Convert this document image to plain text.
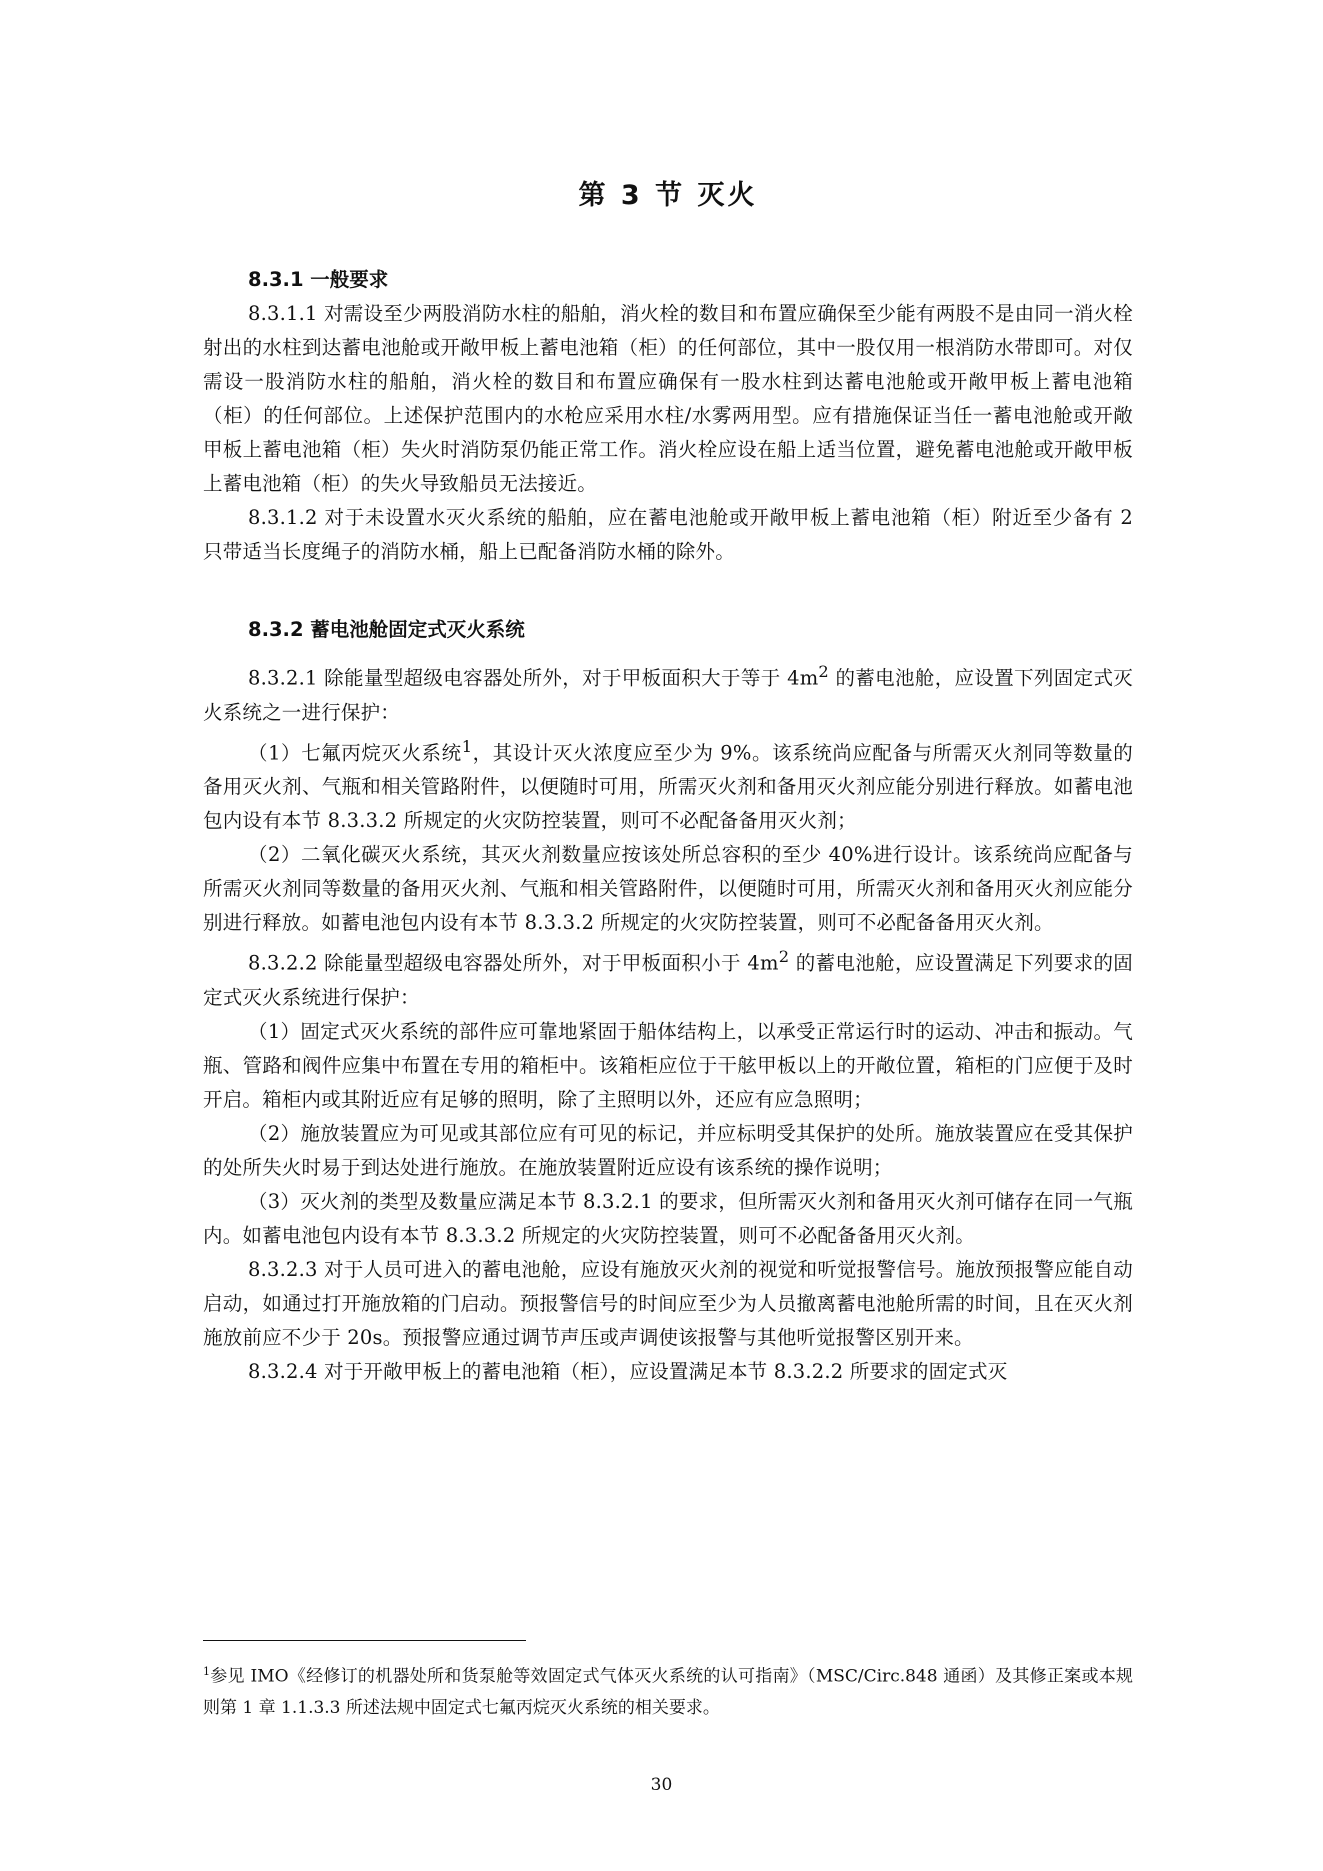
第 3 节 灭火
8.3.1 一般要求

8.3.1.1 对需设至少两股消防水柱的船舶，消火栓的数目和布置应确保至少能有两股不是由同一消火栓射出的水柱到达蓄电池舱或开敞甲板上蓄电池箱（柜）的任何部位，其中一股仅用一根消防水带即可。对仅需设一股消防水柱的船舶，消火栓的数目和布置应确保有一股水柱到达蓄电池舱或开敞甲板上蓄电池箱（柜）的任何部位。上述保护范围内的水枪应采用水柱/水雾两用型。应有措施保证当任一蓄电池舱或开敞甲板上蓄电池箱（柜）失火时消防泵仍能正常工作。消火栓应设在船上适当位置，避免蓄电池舱或开敞甲板上蓄电池箱（柜）的失火导致船员无法接近。

8.3.1.2 对于未设置水灭火系统的船舶，应在蓄电池舱或开敞甲板上蓄电池箱（柜）附近至少备有 2 只带适当长度绳子的消防水桶，船上已配备消防水桶的除外。

8.3.2 蓄电池舱固定式灭火系统

8.3.2.1 除能量型超级电容器处所外，对于甲板面积大于等于 $4m^2$ 的蓄电池舱，应设置下列固定式灭火系统之一进行保护：

（1）七氟丙烷灭火系统$^1$，其设计灭火浓度应至少为 9%。该系统尚应配备与所需灭火剂同等数量的备用灭火剂、气瓶和相关管路附件，以便随时可用，所需灭火剂和备用灭火剂应能分别进行释放。如蓄电池包内设有本节 8.3.3.2 所规定的火灾防控装置，则可不必配备备用灭火剂；

（2）二氧化碳灭火系统，其灭火剂数量应按该处所总容积的至少 40%进行设计。该系统尚应配备与所需灭火剂同等数量的备用灭火剂、气瓶和相关管路附件，以便随时可用，所需灭火剂和备用灭火剂应能分别进行释放。如蓄电池包内设有本节 8.3.3.2 所规定的火灾防控装置，则可不必配备备用灭火剂。

8.3.2.2 除能量型超级电容器处所外，对于甲板面积小于 $4m^2$ 的蓄电池舱，应设置满足下列要求的固定式灭火系统进行保护：

（1）固定式灭火系统的部件应可靠地紧固于船体结构上，以承受正常运行时的运动、冲击和振动。气瓶、管路和阀件应集中布置在专用的箱柜中。该箱柜应位于干舷甲板以上的开敞位置，箱柜的门应便于及时开启。箱柜内或其附近应有足够的照明，除了主照明以外，还应有应急照明；

（2）施放装置应为可见或其部位应有可见的标记，并应标明受其保护的处所。施放装置应在受其保护的处所失火时易于到达处进行施放。在施放装置附近应设有该系统的操作说明；

（3）灭火剂的类型及数量应满足本节 8.3.2.1 的要求，但所需灭火剂和备用灭火剂可储存在同一气瓶内。如蓄电池包内设有本节 8.3.3.2 所规定的火灾防控装置，则可不必配备备用灭火剂。

8.3.2.3 对于人员可进入的蓄电池舱，应设有施放灭火剂的视觉和听觉报警信号。施放预报警应能自动启动，如通过打开施放箱的门启动。预报警信号的时间应至少为人员撤离蓄电池舱所需的时间，且在灭火剂施放前应不少于 20s。预报警应通过调节声压或声调使该报警与其他听觉报警区别开来。

8.3.2.4 对于开敞甲板上的蓄电池箱（柜），应设置满足本节 8.3.2.2 所要求的固定式灭

$^1$参见 IMO《经修订的机器处所和货泵舱等效固定式气体灭火系统的认可指南》（MSC/Circ.848 通函）及其修正案或本规则第 1 章 1.1.3.3 所述法规中固定式七氟丙烷灭火系统的相关要求。
30
